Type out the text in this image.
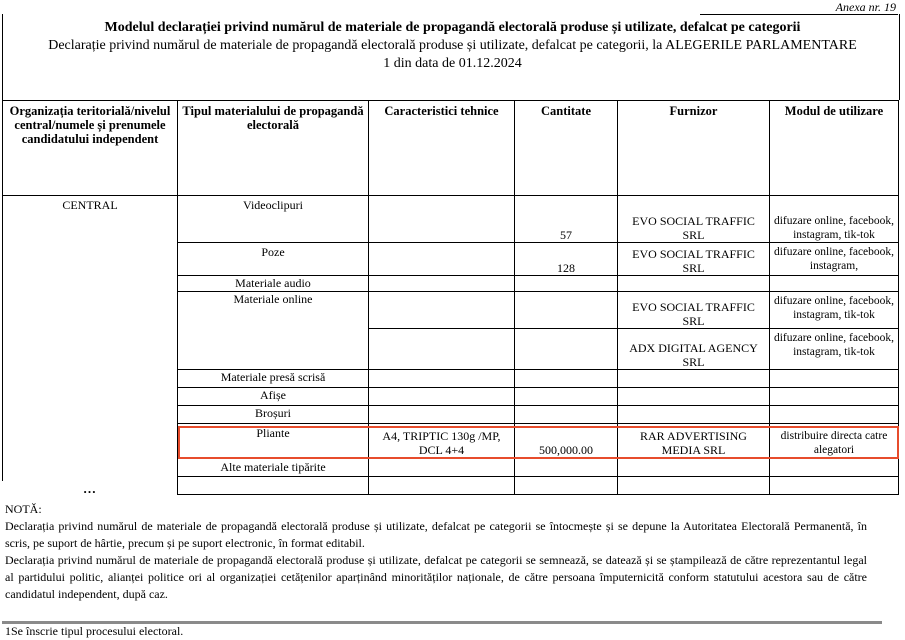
Anexa nr. 19
Modelul declarației privind numărul de materiale de propagandă electorală produse și utilizate, defalcat pe categorii
Declarație privind numărul de materiale de propagandă electorală produse și utilizate, defalcat pe categorii, la ALEGERILE PARLAMENTARE
1 din data de 01.12.2024
Organizația teritorială/nivelul central/numele și prenumele candidatului independent	Tipul materialului de propagandă electorală	Caracteristici tehnice	Cantitate	Furnizor	Modul de utilizare
CENTRAL	Videoclipuri		57	EVO SOCIAL TRAFFIC SRL	difuzare online, facebook, instagram, tik-tok
	Poze		128	EVO SOCIAL TRAFFIC SRL	difuzare online, facebook, instagram,
	Materiale audio				
	Materiale online			EVO SOCIAL TRAFFIC SRL	difuzare online, facebook, instagram, tik-tok
				ADX DIGITAL AGENCY SRL	difuzare online, facebook, instagram, tik-tok
	Materiale presă scrisă				
	Afișe				
	Broșuri				
	Pliante	A4, TRIPTIC 130g /MP, DCL 4+4	500,000.00	RAR ADVERTISING MEDIA SRL	distribuire directa catre alegatori
	Alte materiale tipărite				

…

NOTĂ:

Declarația privind numărul de materiale de propagandă electorală produse și utilizate, defalcat pe categorii se întocmește și se depune la Autoritatea Electorală Permanentă, în scris, pe suport de hârtie, precum și pe suport electronic, în format editabil.

Declarația privind numărul de materiale de propagandă electorală produse și utilizate, defalcat pe categorii se semnează, se datează și se ștampilează de către reprezentantul legal al partidului politic, alianței politice ori al organizației cetățenilor aparținând minorităților naționale, de către persoana împuternicită conform statutului acestora sau de către candidatul independent, după caz.

1Se înscrie tipul procesului electoral.
